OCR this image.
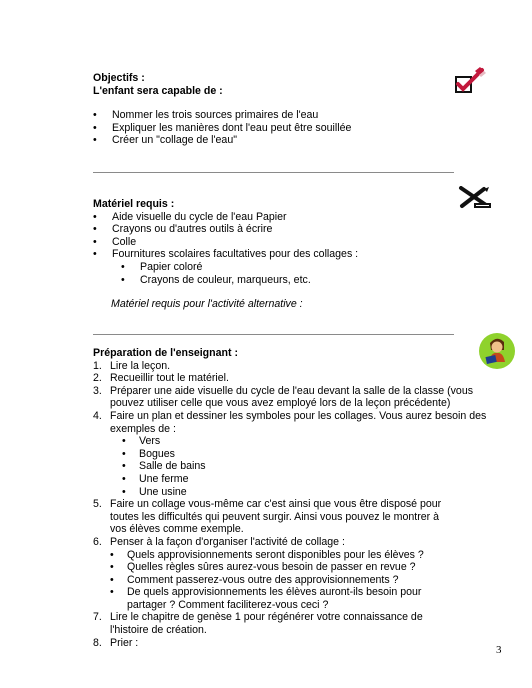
Objectifs :
L'enfant sera capable de :
• Nommer les trois sources primaires de l'eau
• Expliquer les manières dont l'eau peut être souillée
• Créer un "collage de l'eau"
Matériel requis :
• Aide visuelle du cycle de l'eau Papier
• Crayons ou d'autres outils à écrire
• Colle
• Fournitures scolaires facultatives pour des collages :
• Papier coloré
• Crayons de couleur, marqueurs, etc.
Matériel requis pour l'activité alternative :
Préparation de l'enseignant :
1. Lire la leçon.
2. Recueillir tout le matériel.
3. Préparer une aide visuelle du cycle de l'eau devant la salle de la classe (vous
pouvez utiliser celle que vous avez employé lors de la leçon précédente)
4. Faire un plan et dessiner les symboles pour les collages. Vous aurez besoin des
exemples de :
• Vers
• Bogues
• Salle de bains
• Une ferme
• Une usine
5. Faire un collage vous-même car c'est ainsi que vous être disposé pour
toutes les difficultés qui peuvent surgir. Ainsi vous pouvez le montrer à
vos élèves comme exemple.
6. Penser à la façon d'organiser l'activité de collage :
• Quels approvisionnements seront disponibles pour les élèves ?
• Quelles règles sûres aurez-vous besoin de passer en revue ?
• Comment passerez-vous outre des approvisionnements ?
• De quels approvisionnements les élèves auront-ils besoin pour
partager ? Comment faciliterez-vous ceci ?
7. Lire le chapitre de genèse 1 pour régénérer votre connaissance de
l'histoire de création.
8. Prier :
3
